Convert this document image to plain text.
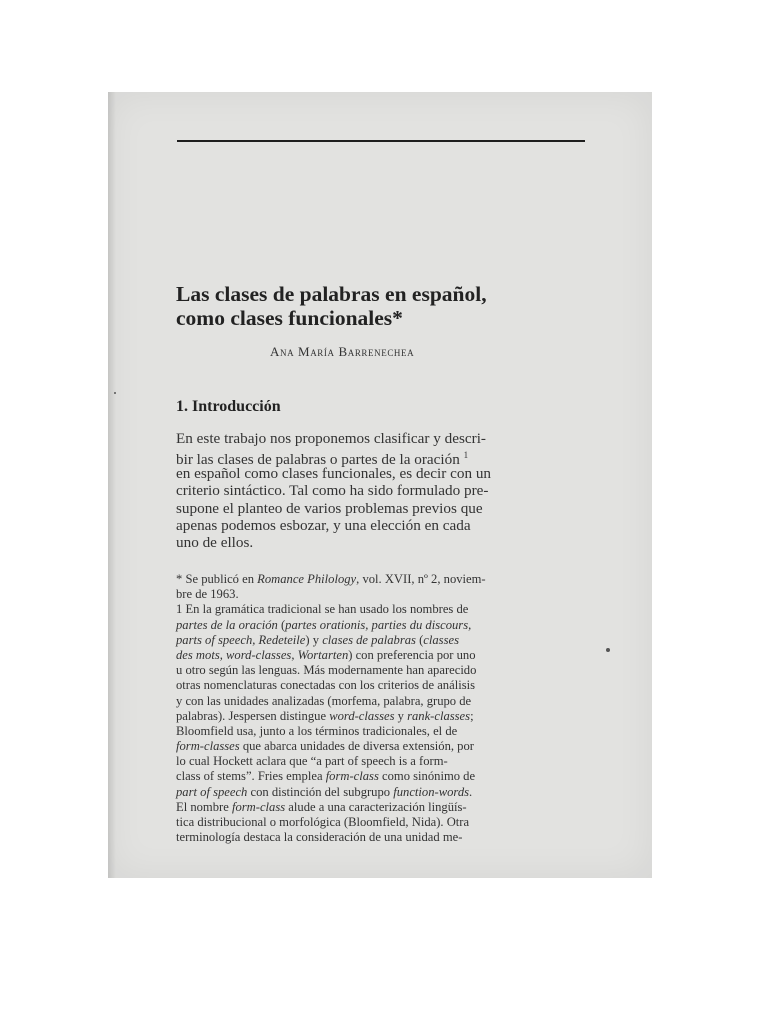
Las clases de palabras en español,
como clases funcionales*
Ana María Barrenechea
1. Introducción
En este trabajo nos proponemos clasificar y descri-
bir las clases de palabras o partes de la oración $^1$
en español como clases funcionales, es decir con un
criterio sintáctico. Tal como ha sido formulado pre-
supone el planteo de varios problemas previos que
apenas podemos esbozar, y una elección en cada
uno de ellos.
* Se publicó en Romance Philology, vol. XVII, nº 2, noviem-
bre de 1963.
1 En la gramática tradicional se han usado los nombres de
partes de la oración (partes orationis, parties du discours,
parts of speech, Redeteile) y clases de palabras (classes
des mots, word-classes, Wortarten) con preferencia por uno
u otro según las lenguas. Más modernamente han aparecido
otras nomenclaturas conectadas con los criterios de análisis
y con las unidades analizadas (morfema, palabra, grupo de
palabras). Jespersen distingue word-classes y rank-classes;
Bloomfield usa, junto a los términos tradicionales, el de
form-classes que abarca unidades de diversa extensión, por
lo cual Hockett aclara que “a part of speech is a form-
class of stems”. Fries emplea form-class como sinónimo de
part of speech con distinción del subgrupo function-words.
El nombre form-class alude a una caracterización lingüís-
tica distribucional o morfológica (Bloomfield, Nida). Otra
terminología destaca la consideración de una unidad me-
